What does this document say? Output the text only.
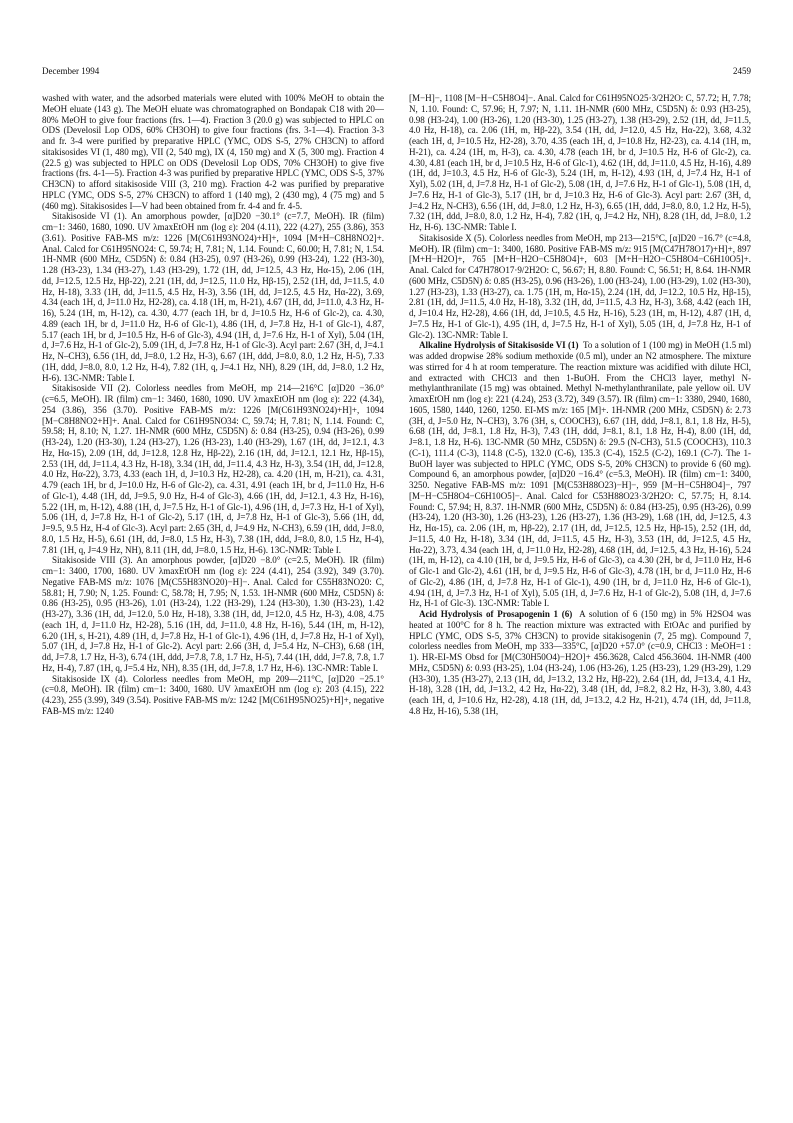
December 1994	2459

washed with water, and the adsorbed materials were eluted with 100% MeOH to obtain the MeOH eluate (143 g). The MeOH eluate was chromatographed on Bondapak C18 with 20—80% MeOH to give four fractions (frs. 1—4). Fraction 3 (20.0 g) was subjected to HPLC on ODS (Develosil Lop ODS, 60% CH3OH) to give four fractions (frs. 3-1—4). Fraction 3-3 and fr. 3-4 were purified by preparative HPLC (YMC, ODS S-5, 27% CH3CN) to afford sitakisosides VI (1, 480 mg), VII (2, 540 mg), IX (4, 150 mg) and X (5, 300 mg). Fraction 4 (22.5 g) was subjected to HPLC on ODS (Develosil Lop ODS, 70% CH3OH) to give five fractions (frs. 4-1—5). Fraction 4-3 was purified by preparative HPLC (YMC, ODS S-5, 37% CH3CN) to afford sitakisoside VIII (3, 210 mg). Fraction 4-2 was purified by preparative HPLC (YMC, ODS S-5, 27% CH3CN) to afford 1 (140 mg), 2 (430 mg), 4 (75 mg) and 5 (460 mg). Sitakisosides I—V had been obtained from fr. 4-4 and fr. 4-5.

Sitakisoside VI (1). An amorphous powder, [α]D20 −30.1° (c=7.7, MeOH). IR (film) cm−1: 3460, 1680, 1090. UV λmaxEtOH nm (log ε): 204 (4.11), 222 (4.27), 255 (3.86), 353 (3.61). Positive FAB-MS m/z: 1226 [M(C61H93NO24)+H]+, 1094 [M+H−C8H8NO2]+. Anal. Calcd for C61H95NO24: C, 59.74; H, 7.81; N, 1.14. Found: C, 60.00; H, 7.81; N, 1.54. 1H-NMR (600 MHz, C5D5N) δ: 0.84 (H3-25), 0.97 (H3-26), 0.99 (H3-24), 1.22 (H3-30), 1.28 (H3-23), 1.34 (H3-27), 1.43 (H3-29), 1.72 (1H, dd, J=12.5, 4.3 Hz, Hα-15), 2.06 (1H, dd, J=12.5, 12.5 Hz, Hβ-22), 2.21 (1H, dd, J=12.5, 11.0 Hz, Hβ-15), 2.52 (1H, dd, J=11.5, 4.0 Hz, H-18), 3.33 (1H, dd, J=11.5, 4.5 Hz, H-3), 3.56 (1H, dd, J=12.5, 4.5 Hz, Hα-22), 3.69, 4.34 (each 1H, d, J=11.0 Hz, H2-28), ca. 4.18 (1H, m, H-21), 4.67 (1H, dd, J=11.0, 4.3 Hz, H-16), 5.24 (1H, m, H-12), ca. 4.30, 4.77 (each 1H, br d, J=10.5 Hz, H-6 of Glc-2), ca. 4.30, 4.89 (each 1H, br d, J=11.0 Hz, H-6 of Glc-1), 4.86 (1H, d, J=7.8 Hz, H-1 of Glc-1), 4.87, 5.17 (each 1H, br d, J=10.5 Hz, H-6 of Glc-3), 4.94 (1H, d, J=7.6 Hz, H-1 of Xyl), 5.04 (1H, d, J=7.6 Hz, H-1 of Glc-2), 5.09 (1H, d, J=7.8 Hz, H-1 of Glc-3). Acyl part: 2.67 (3H, d, J=4.1 Hz, N–CH3), 6.56 (1H, dd, J=8.0, 1.2 Hz, H-3), 6.67 (1H, ddd, J=8.0, 8.0, 1.2 Hz, H-5), 7.33 (1H, ddd, J=8.0, 8.0, 1.2 Hz, H-4), 7.82 (1H, q, J=4.1 Hz, NH), 8.29 (1H, dd, J=8.0, 1.2 Hz, H-6). 13C-NMR: Table I.

Sitakisoside VII (2). Colorless needles from MeOH, mp 214—216°C [α]D20 −36.0° (c=6.5, MeOH). IR (film) cm−1: 3460, 1680, 1090. UV λmaxEtOH nm (log ε): 222 (4.34), 254 (3.86), 356 (3.70). Positive FAB-MS m/z: 1226 [M(C61H93NO24)+H]+, 1094 [M−C8H8NO2+H]+. Anal. Calcd for C61H95NO34: C, 59.74; H, 7.81; N, 1.14. Found: C, 59.58; H, 8.10; N, 1.27. 1H-NMR (600 MHz, C5D5N) δ: 0.84 (H3-25), 0.94 (H3-26), 0.99 (H3-24), 1.20 (H3-30), 1.24 (H3-27), 1.26 (H3-23), 1.40 (H3-29), 1.67 (1H, dd, J=12.1, 4.3 Hz, Hα-15), 2.09 (1H, dd, J=12.8, 12.8 Hz, Hβ-22), 2.16 (1H, dd, J=12.1, 12.1 Hz, Hβ-15), 2.53 (1H, dd, J=11.4, 4.3 Hz, H-18), 3.34 (1H, dd, J=11.4, 4.3 Hz, H-3), 3.54 (1H, dd, J=12.8, 4.0 Hz, Hα-22), 3.73, 4.33 (each 1H, d, J=10.3 Hz, H2-28), ca. 4.20 (1H, m, H-21), ca. 4.31, 4.79 (each 1H, br d, J=10.0 Hz, H-6 of Glc-2), ca. 4.31, 4.91 (each 1H, br d, J=11.0 Hz, H-6 of Glc-1), 4.48 (1H, dd, J=9.5, 9.0 Hz, H-4 of Glc-3), 4.66 (1H, dd, J=12.1, 4.3 Hz, H-16), 5.22 (1H, m, H-12), 4.88 (1H, d, J=7.5 Hz, H-1 of Glc-1), 4.96 (1H, d, J=7.3 Hz, H-1 of Xyl), 5.06 (1H, d, J=7.8 Hz, H-1 of Glc-2), 5.17 (1H, d, J=7.8 Hz, H-1 of Glc-3), 5.66 (1H, dd, J=9.5, 9.5 Hz, H-4 of Glc-3). Acyl part: 2.65 (3H, d, J=4.9 Hz, N-CH3), 6.59 (1H, ddd, J=8.0, 8.0, 1.5 Hz, H-5), 6.61 (1H, dd, J=8.0, 1.5 Hz, H-3), 7.38 (1H, ddd, J=8.0, 8.0, 1.5 Hz, H-4), 7.81 (1H, q, J=4.9 Hz, NH), 8.11 (1H, dd, J=8.0, 1.5 Hz, H-6). 13C-NMR: Table I.

Sitakisoside VIII (3). An amorphous powder, [α]D20 −8.0° (c=2.5, MeOH). IR (film) cm−1: 3400, 1700, 1680. UV λmaxEtOH nm (log ε): 224 (4.41), 254 (3.92), 349 (3.70). Negative FAB-MS m/z: 1076 [M(C55H83NO20)−H]−. Anal. Calcd for C55H83NO20: C, 58.81; H, 7.90; N, 1.25. Found: C, 58.78; H, 7.95; N, 1.53. 1H-NMR (600 MHz, C5D5N) δ: 0.86 (H3-25), 0.95 (H3-26), 1.01 (H3-24), 1.22 (H3-29), 1.24 (H3-30), 1.30 (H3-23), 1.42 (H3-27), 3.36 (1H, dd, J=12.0, 5.0 Hz, H-18), 3.38 (1H, dd, J=12.0, 4.5 Hz, H-3), 4.08, 4.75 (each 1H, d, J=11.0 Hz, H2-28), 5.16 (1H, dd, J=11.0, 4.8 Hz, H-16), 5.44 (1H, m, H-12), 6.20 (1H, s, H-21), 4.89 (1H, d, J=7.8 Hz, H-1 of Glc-1), 4.96 (1H, d, J=7.8 Hz, H-1 of Xyl), 5.07 (1H, d, J=7.8 Hz, H-1 of Glc-2). Acyl part: 2.66 (3H, d, J=5.4 Hz, N–CH3), 6.68 (1H, dd, J=7.8, 1.7 Hz, H-3), 6.74 (1H, ddd, J=7.8, 7.8, 1.7 Hz, H-5), 7.44 (1H, ddd, J=7.8, 7.8, 1.7 Hz, H-4), 7.87 (1H, q, J=5.4 Hz, NH), 8.35 (1H, dd, J=7.8, 1.7 Hz, H-6). 13C-NMR: Table I.

Sitakisoside IX (4). Colorless needles from MeOH, mp 209—211°C, [α]D20 −25.1° (c=0.8, MeOH). IR (film) cm−1: 3400, 1680. UV λmaxEtOH nm (log ε): 203 (4.15), 222 (4.23), 255 (3.99), 349 (3.54). Positive FAB-MS m/z: 1242 [M(C61H95NO25)+H]+, negative FAB-MS m/z: 1240

[M−H]−, 1108 [M−H−C5H8O4]−. Anal. Calcd for C61H95NO25·3/2H2O: C, 57.72; H, 7.78; N, 1.10. Found: C, 57.96; H, 7.97; N, 1.11. 1H-NMR (600 MHz, C5D5N) δ: 0.93 (H3-25), 0.98 (H3-24), 1.00 (H3-26), 1.20 (H3-30), 1.25 (H3-27), 1.38 (H3-29), 2.52 (1H, dd, J=11.5, 4.0 Hz, H-18), ca. 2.06 (1H, m, Hβ-22), 3.54 (1H, dd, J=12.0, 4.5 Hz, Hα-22), 3.68, 4.32 (each 1H, d, J=10.5 Hz, H2-28), 3.70, 4.35 (each 1H, d, J=10.8 Hz, H2-23), ca. 4.14 (1H, m, H-21), ca. 4.24 (1H, m, H-3), ca. 4.30, 4.78 (each 1H, br d, J=10.5 Hz, H-6 of Glc-2), ca. 4.30, 4.81 (each 1H, br d, J=10.5 Hz, H-6 of Glc-1), 4.62 (1H, dd, J=11.0, 4.5 Hz, H-16), 4.89 (1H, dd, J=10.3, 4.5 Hz, H-6 of Glc-3), 5.24 (1H, m, H-12), 4.93 (1H, d, J=7.4 Hz, H-1 of Xyl), 5.02 (1H, d, J=7.8 Hz, H-1 of Glc-2), 5.08 (1H, d, J=7.6 Hz, H-1 of Glc-1), 5.08 (1H, d, J=7.6 Hz, H-1 of Glc-3), 5.17 (1H, br d, J=10.3 Hz, H-6 of Glc-3). Acyl part: 2.67 (3H, d, J=4.2 Hz, N-CH3), 6.56 (1H, dd, J=8.0, 1.2 Hz, H-3), 6.65 (1H, ddd, J=8.0, 8.0, 1.2 Hz, H-5), 7.32 (1H, ddd, J=8.0, 8.0, 1.2 Hz, H-4), 7.82 (1H, q, J=4.2 Hz, NH), 8.28 (1H, dd, J=8.0, 1.2 Hz, H-6). 13C-NMR: Table I.

Sitakisoside X (5). Colorless needles from MeOH, mp 213—215°C, [α]D20 −16.7° (c=4.8, MeOH). IR (film) cm−1: 3400, 1680. Positive FAB-MS m/z: 915 [M(C47H78O17)+H]+, 897 [M+H−H2O]+, 765 [M+H−H2O−C5H8O4]+, 603 [M+H−H2O−C5H8O4−C6H10O5]+. Anal. Calcd for C47H78O17·9/2H2O: C, 56.67; H, 8.80. Found: C, 56.51; H, 8.64. 1H-NMR (600 MHz, C5D5N) δ: 0.85 (H3-25), 0.96 (H3-26), 1.00 (H3-24), 1.00 (H3-29), 1.02 (H3-30), 1.27 (H3-23), 1.33 (H3-27), ca. 1.75 (1H, m, Hα-15), 2.24 (1H, dd, J=12.2, 10.5 Hz, Hβ-15), 2.81 (1H, dd, J=11.5, 4.0 Hz, H-18), 3.32 (1H, dd, J=11.5, 4.3 Hz, H-3), 3.68, 4.42 (each 1H, d, J=10.4 Hz, H2-28), 4.66 (1H, dd, J=10.5, 4.5 Hz, H-16), 5.23 (1H, m, H-12), 4.87 (1H, d, J=7.5 Hz, H-1 of Glc-1), 4.95 (1H, d, J=7.5 Hz, H-1 of Xyl), 5.05 (1H, d, J=7.8 Hz, H-1 of Glc-2). 13C-NMR: Table I.

Alkaline Hydrolysis of Sitakisoside VI (1) To a solution of 1 (100 mg) in MeOH (1.5 ml) was added dropwise 28% sodium methoxide (0.5 ml), under an N2 atmosphere. The mixture was stirred for 4 h at room temperature. The reaction mixture was acidified with dilute HCl, and extracted with CHCl3 and then 1-BuOH. From the CHCl3 layer, methyl N-methylanthranilate (15 mg) was obtained. Methyl N-methylanthranilate, pale yellow oil. UV λmaxEtOH nm (log ε): 221 (4.24), 253 (3.72), 349 (3.57). IR (film) cm−1: 3380, 2940, 1680, 1605, 1580, 1440, 1260, 1250. EI-MS m/z: 165 [M]+. 1H-NMR (200 MHz, C5D5N) δ: 2.73 (3H, d, J=5.0 Hz, N–CH3), 3.76 (3H, s, COOCH3), 6.67 (1H, ddd, J=8.1, 8.1, 1.8 Hz, H-5), 6.68 (1H, dd, J=8.1, 1.8 Hz, H-3), 7.43 (1H, ddd, J=8.1, 8.1, 1.8 Hz, H-4), 8.00 (1H, dd, J=8.1, 1.8 Hz, H-6). 13C-NMR (50 MHz, C5D5N) δ: 29.5 (N-CH3), 51.5 (COOCH3), 110.3 (C-1), 111.4 (C-3), 114.8 (C-5), 132.0 (C-6), 135.3 (C-4), 152.5 (C-2), 169.1 (C-7). The 1-BuOH layer was subjected to HPLC (YMC, ODS S-5, 20% CH3CN) to provide 6 (60 mg). Compound 6, an amorphous powder, [α]D20 −16.4° (c=5.3, MeOH). IR (film) cm−1: 3400, 3250. Negative FAB-MS m/z: 1091 [M(C53H88O23)−H]−, 959 [M−H−C5H8O4]−, 797 [M−H−C5H8O4−C6H10O5]−. Anal. Calcd for C53H88O23·3/2H2O: C, 57.75; H, 8.14. Found: C, 57.94; H, 8.37. 1H-NMR (600 MHz, C5D5N) δ: 0.84 (H3-25), 0.95 (H3-26), 0.99 (H3-24), 1.20 (H3-30), 1.26 (H3-23), 1.26 (H3-27), 1.36 (H3-29), 1.68 (1H, dd, J=12.5, 4.3 Hz, Hα-15), ca. 2.06 (1H, m, Hβ-22), 2.17 (1H, dd, J=12.5, 12.5 Hz, Hβ-15), 2.52 (1H, dd, J=11.5, 4.0 Hz, H-18), 3.34 (1H, dd, J=11.5, 4.5 Hz, H-3), 3.53 (1H, dd, J=12.5, 4.5 Hz, Hα-22), 3.73, 4.34 (each 1H, d, J=11.0 Hz, H2-28), 4.68 (1H, dd, J=12.5, 4.3 Hz, H-16), 5.24 (1H, m, H-12), ca 4.10 (1H, br d, J=9.5 Hz, H-6 of Glc-3), ca 4.30 (2H, br d, J=11.0 Hz, H-6 of Glc-1 and Glc-2), 4.61 (1H, br d, J=9.5 Hz, H-6 of Glc-3), 4.78 (1H, br d, J=11.0 Hz, H-6 of Glc-2), 4.86 (1H, d, J=7.8 Hz, H-1 of Glc-1), 4.90 (1H, br d, J=11.0 Hz, H-6 of Glc-1), 4.94 (1H, d, J=7.3 Hz, H-1 of Xyl), 5.05 (1H, d, J=7.6 Hz, H-1 of Glc-2), 5.08 (1H, d, J=7.6 Hz, H-1 of Glc-3). 13C-NMR: Table I.

Acid Hydrolysis of Prosapogenin 1 (6) A solution of 6 (150 mg) in 5% H2SO4 was heated at 100°C for 8 h. The reaction mixture was extracted with EtOAc and purified by HPLC (YMC, ODS S-5, 37% CH3CN) to provide sitakisogenin (7, 25 mg). Compound 7, colorless needles from MeOH, mp 333—335°C, [α]D20 +57.0° (c=0.9, CHCl3 : MeOH=1 : 1). HR-EI-MS Obsd for [M(C30H50O4)−H2O]+ 456.3628, Calcd 456.3604. 1H-NMR (400 MHz, C5D5N) δ: 0.93 (H3-25), 1.04 (H3-24), 1.06 (H3-26), 1.25 (H3-23), 1.29 (H3-29), 1.29 (H3-30), 1.35 (H3-27), 2.13 (1H, dd, J=13.2, 13.2 Hz, Hβ-22), 2.64 (1H, dd, J=13.4, 4.1 Hz, H-18), 3.28 (1H, dd, J=13.2, 4.2 Hz, Hα-22), 3.48 (1H, dd, J=8.2, 8.2 Hz, H-3), 3.80, 4.43 (each 1H, d, J=10.6 Hz, H2-28), 4.18 (1H, dd, J=13.2, 4.2 Hz, H-21), 4.74 (1H, dd, J=11.8, 4.8 Hz, H-16), 5.38 (1H,
